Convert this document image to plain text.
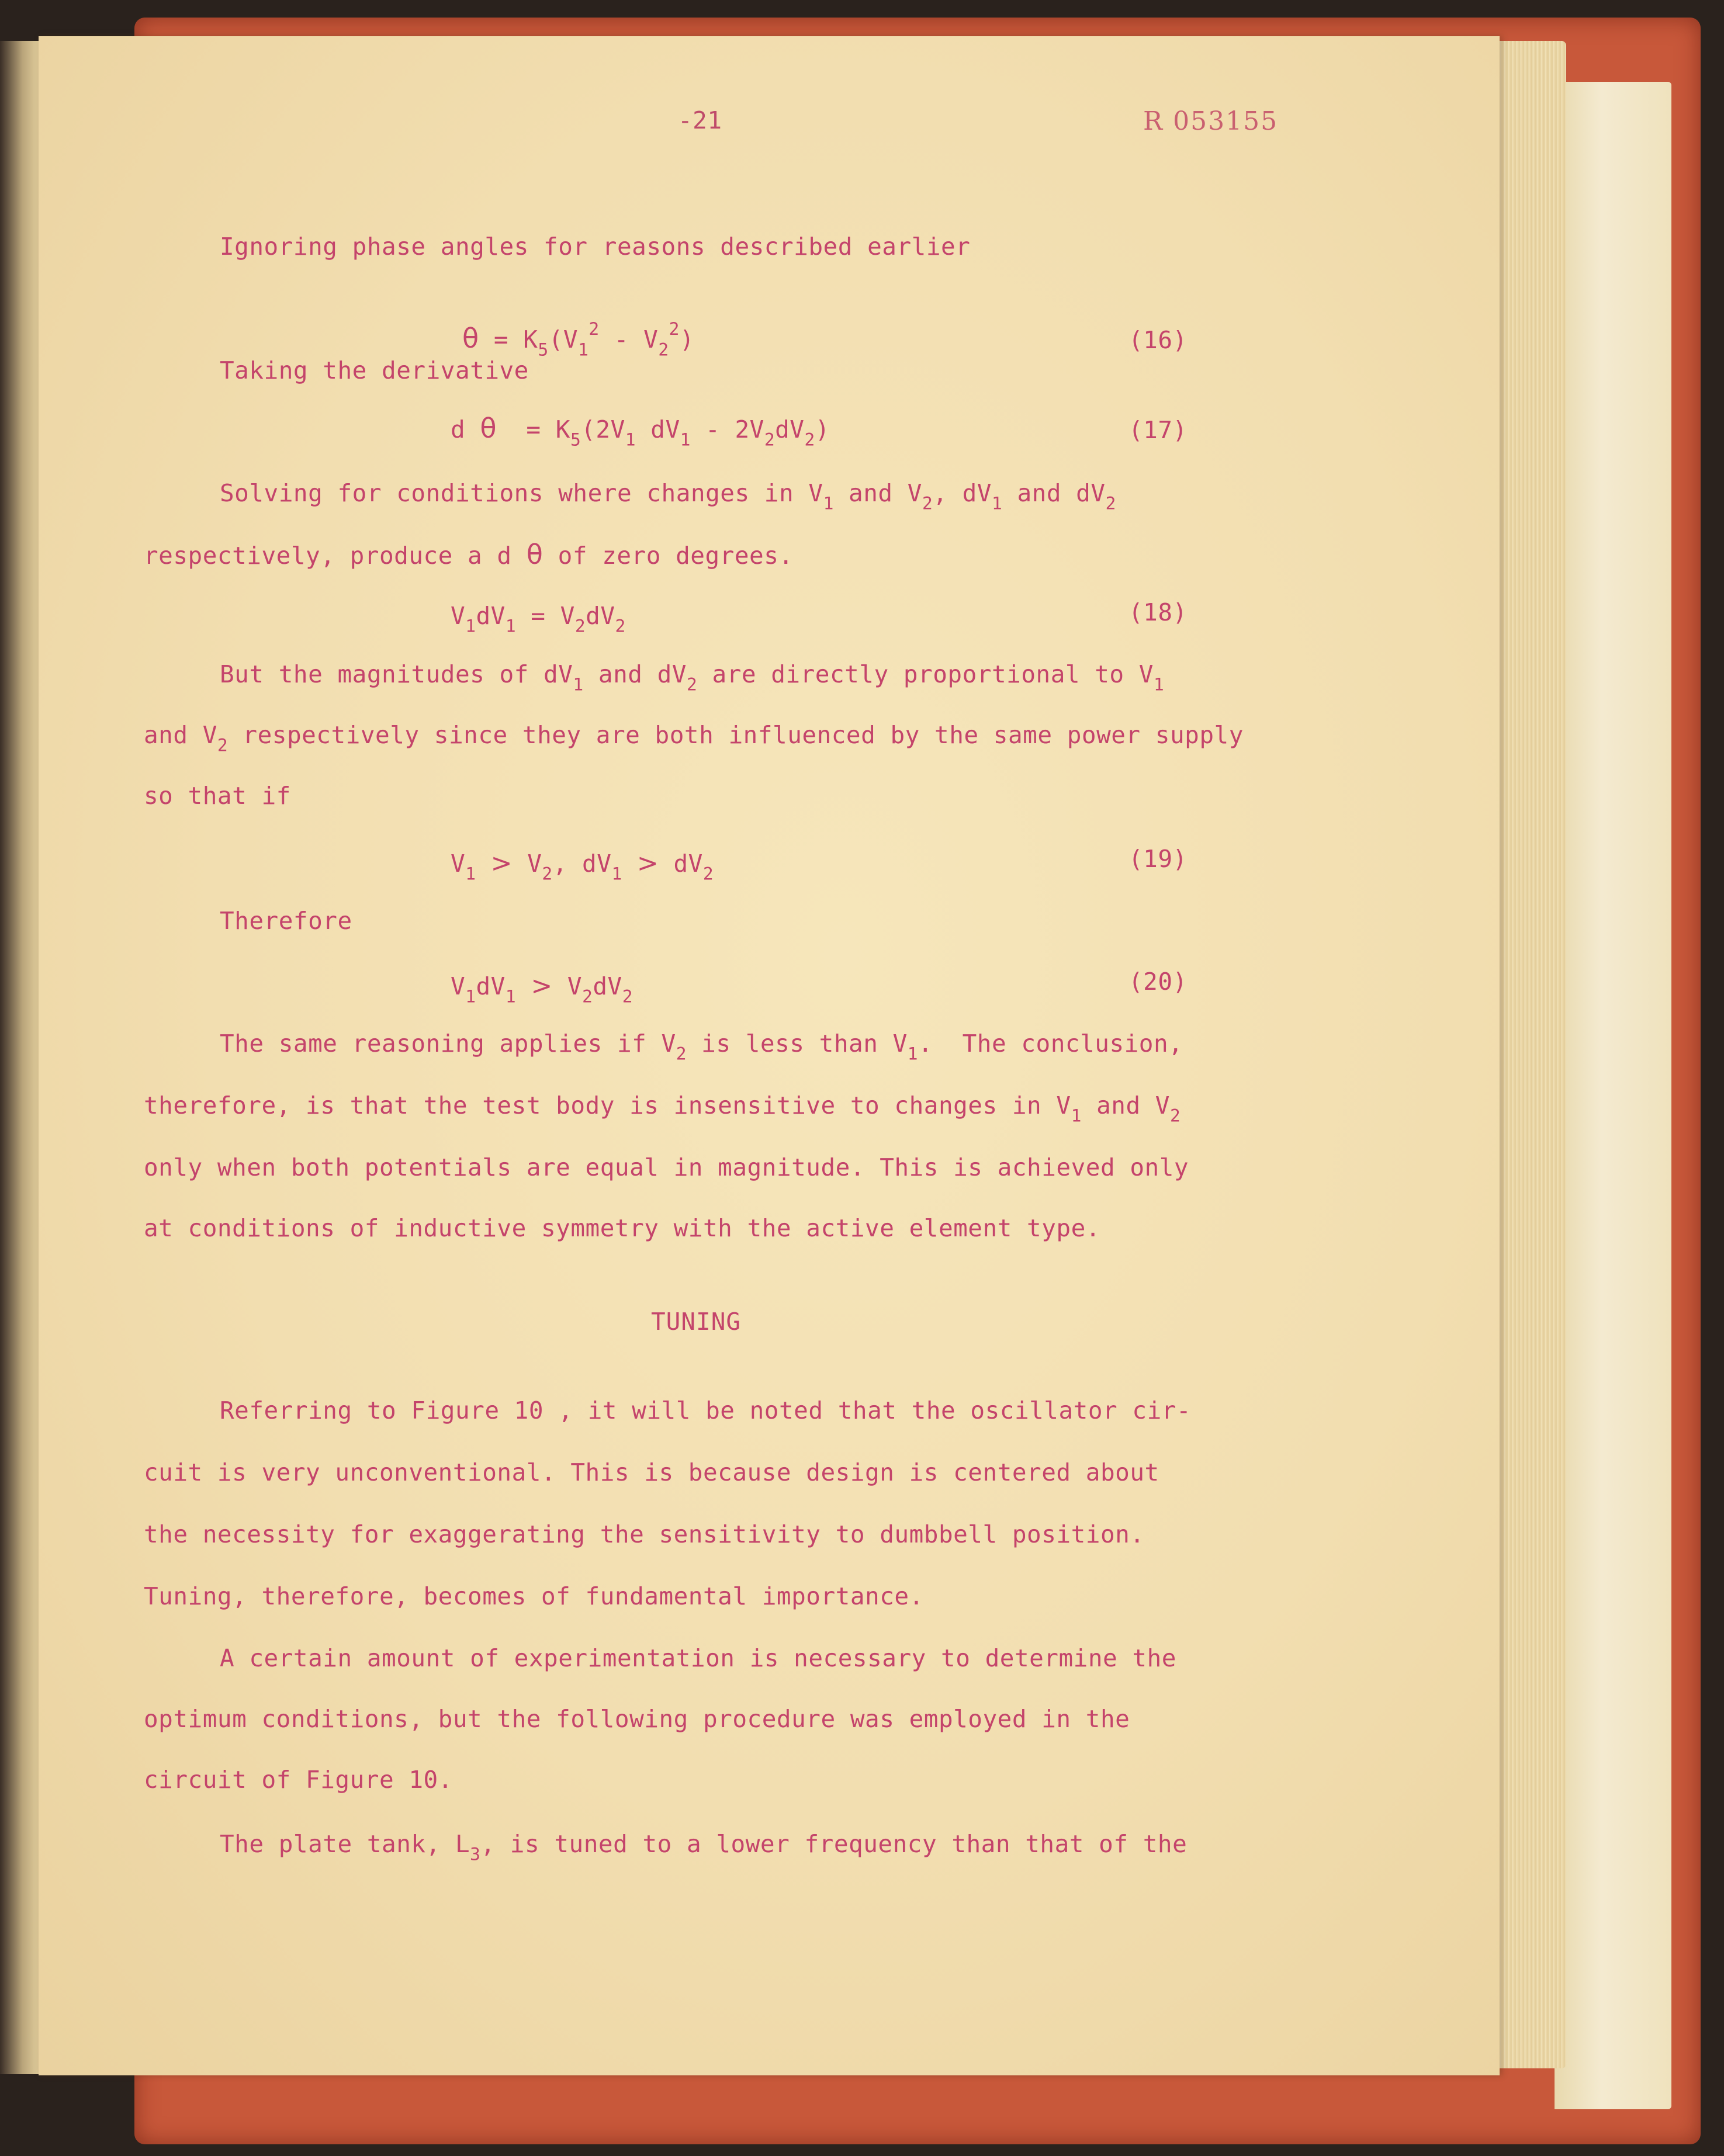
-21	R 053155
Ignoring phase angles for reasons described earlier
$\theta = K_5(V_1^2 - V_2^2)$	(16)
Taking the derivative
d $\theta = K_5(2V_1$ $dV_1 - 2V_2dV_2$)	(17)
Solving for conditions where changes in $V_1$ and $V_2$, $dV_1$ and $dV_2$
respectively, produce a d θ of zero degrees.
$V_1dV_1 = V_2dV_2$	(18)
But the magnitudes of $dV_1$ and $dV_2$ are directly proportional to $V_1$
and $V_2$ respectively since they are both influenced by the same power supply
so that if
$V_1 > V_2$, $dV_1 > dV_2$
(19)
Therefore
$V_1dV_1 > V_2dV_2$
(20)
The same reasoning applies if $V_2$ is less than $V_1$.  The conclusion,
therefore, is that the test body is insensitive to changes in $V_1$ and $V_2$
only when both potentials are equal in magnitude. This is achieved only
at conditions of inductive symmetry with the active element type.
TUNING
Referring to Figure 10 , it will be noted that the oscillator cir-
cuit is very unconventional. This is because design is centered about
the necessity for exaggerating the sensitivity to dumbbell position.
Tuning, therefore, becomes of fundamental importance.
A certain amount of experimentation is necessary to determine the
optimum conditions, but the following procedure was employed in the
circuit of Figure 10.
The plate tank, $L_3$, is tuned to a lower frequency than that of the
